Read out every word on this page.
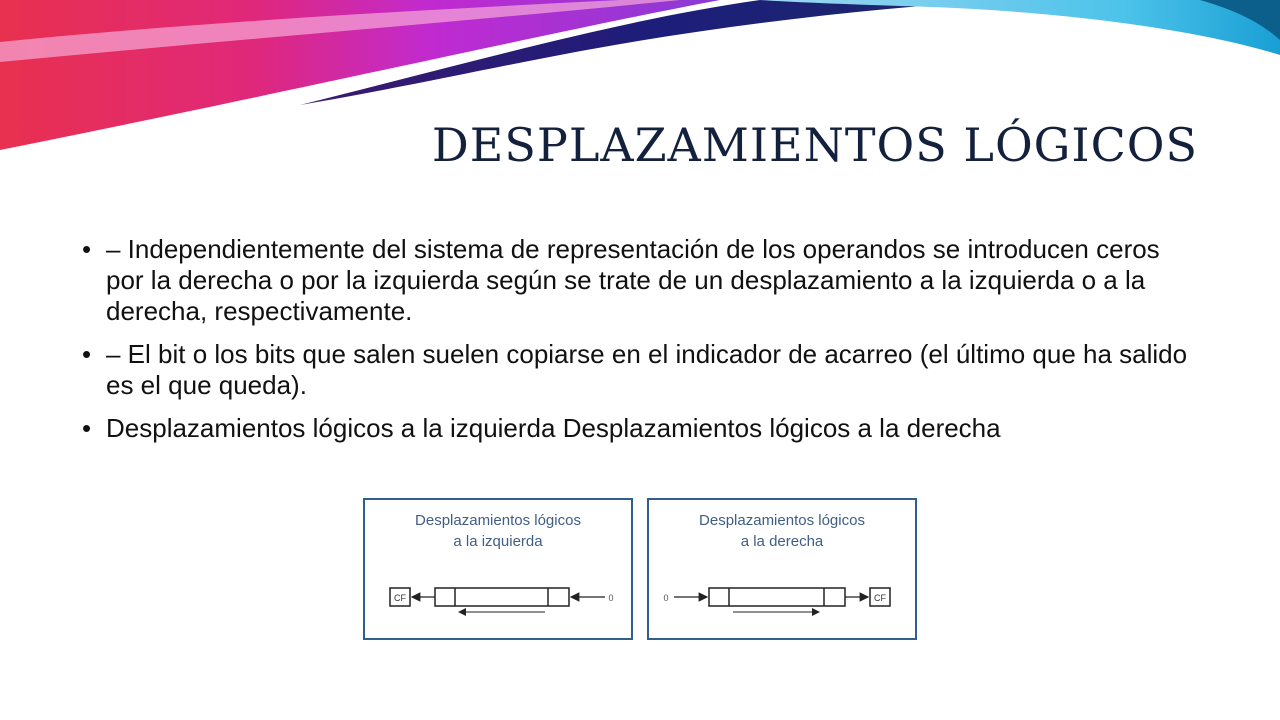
DESPLAZAMIENTOS LÓGICOS
• – Independientemente del sistema de representación de los operandos se introducen ceros por la derecha o por la izquierda según se trate de un desplazamiento a la izquierda o a la derecha, respectivamente.
• – El bit o los bits que salen suelen copiarse en el indicador de acarreo (el último que ha salido es el que queda).
• Desplazamientos lógicos a la izquierda Desplazamientos lógicos a la derecha
Desplazamientos lógicos
a la izquierda
CF	0
Desplazamientos lógicos
a la derecha
0	CF
